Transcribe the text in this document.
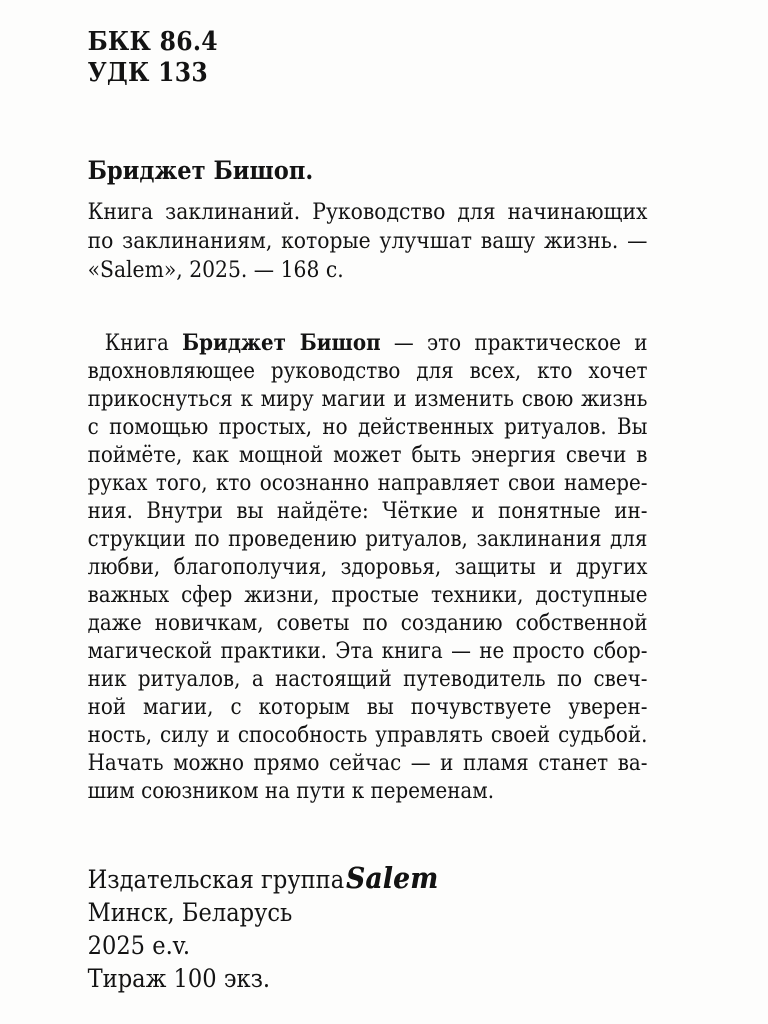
БКК 86.4
УДК 133
Бриджет Бишоп.
Книга заклинаний. Руководство для начинающих
по заклинаниям, которые улучшат вашу жизнь. —
«Salem», 2025. — 168 с.
Книга Бриджет Бишоп — это практическое и
вдохновляющее руководство для всех, кто хочет
прикоснуться к миру магии и изменить свою жизнь
с помощью простых, но действенных ритуалов. Вы
поймёте, как мощной может быть энергия свечи в
руках того, кто осознанно направляет свои намере-
ния. Внутри вы найдёте: Чёткие и понятные ин-
струкции по проведению ритуалов, заклинания для
любви, благополучия, здоровья, защиты и других
важных сфер жизни, простые техники, доступные
даже новичкам, советы по созданию собственной
магической практики. Эта книга — не просто сбор-
ник ритуалов, а настоящий путеводитель по свеч-
ной магии, с которым вы почувствуете уверен-
ность, силу и способность управлять своей судьбой.
Начать можно прямо сейчас — и пламя станет ва-
шим союзником на пути к переменам.
Издательская группаSalem
Минск, Беларусь
2025 e.v.
Тираж 100 экз.
